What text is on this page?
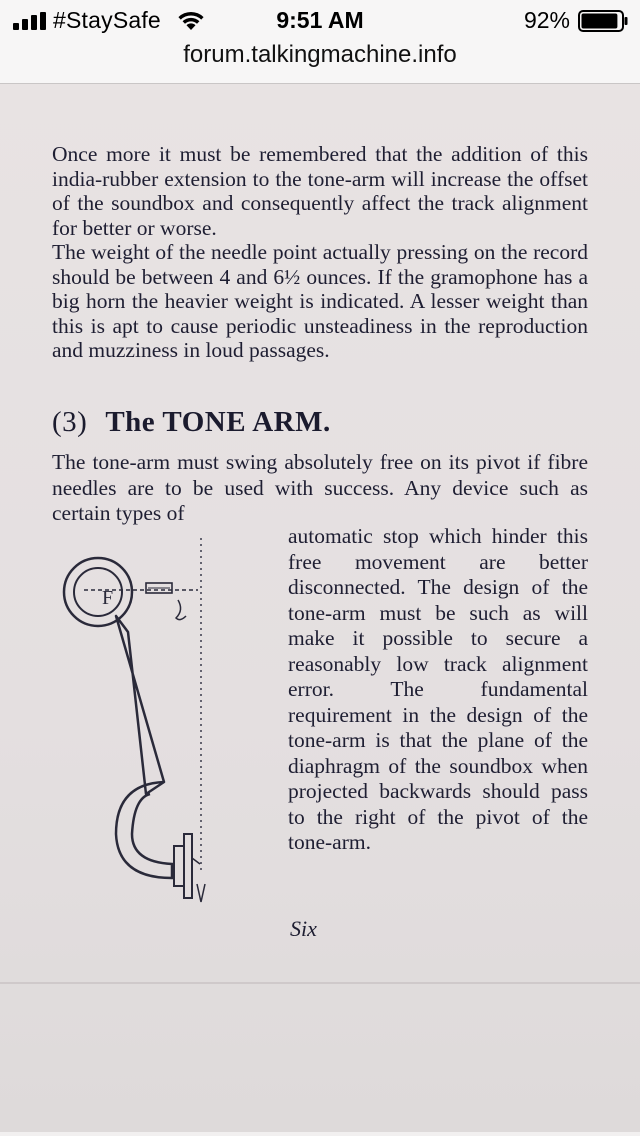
#StaySafe	9:51 AM	92%
forum.talkingmachine.info

Once more it must be remembered that the addition of this india-rubber extension to the tone-arm will increase the offset of the soundbox and consequently affect the track alignment for better or worse.

The weight of the needle point actually pressing on the record should be between 4 and 6½ ounces. If the gramophone has a big horn the heavier weight is indicated. A lesser weight than this is apt to cause periodic unsteadiness in the reproduction and muzziness in loud passages.

(3) The TONE ARM.

The tone-arm must swing absolutely free on its pivot if fibre needles are to be used with success. Any device such as certain types of

F
automatic stop which hinder this free movement are better disconnected. The design of the tone-arm must be such as will make it possible to secure a reasonably low track alignment error. The fundamental requirement in the design of the tone-arm is that the plane of the diaphragm of the soundbox when projected backwards should pass to the right of the pivot of the tone-arm.
Six
